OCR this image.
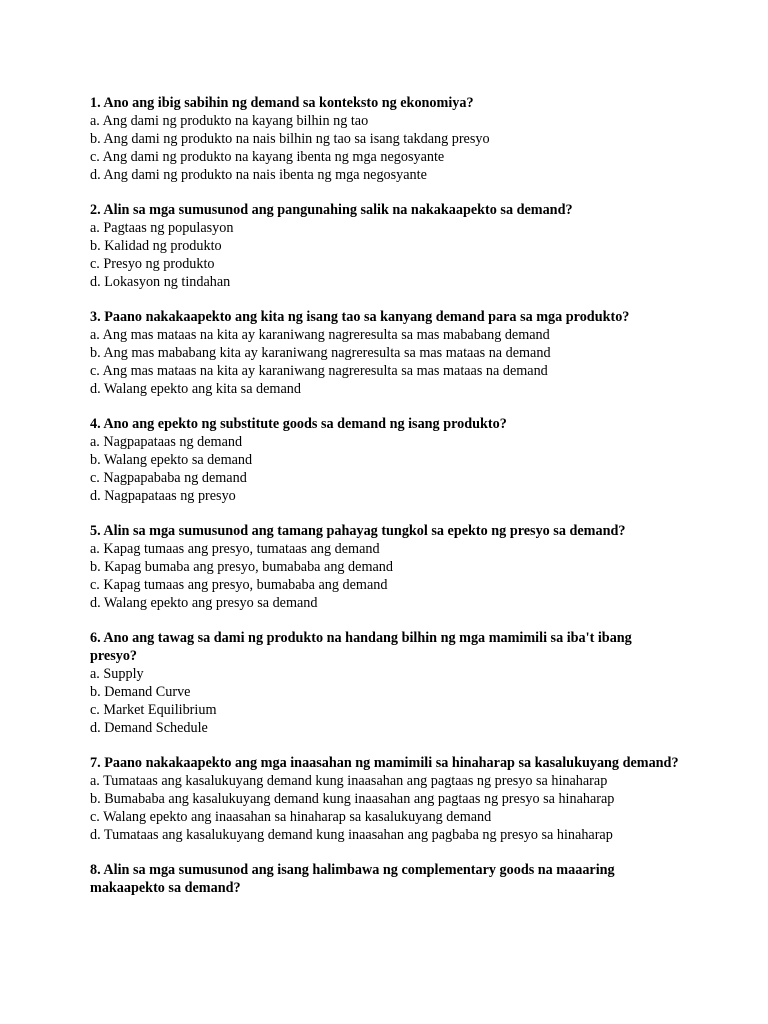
1. Ano ang ibig sabihin ng demand sa konteksto ng ekonomiya?

a. Ang dami ng produkto na kayang bilhin ng tao

b. Ang dami ng produkto na nais bilhin ng tao sa isang takdang presyo

c. Ang dami ng produkto na kayang ibenta ng mga negosyante

d. Ang dami ng produkto na nais ibenta ng mga negosyante

2. Alin sa mga sumusunod ang pangunahing salik na nakakaapekto sa demand?

a. Pagtaas ng populasyon

b. Kalidad ng produkto

c. Presyo ng produkto

d. Lokasyon ng tindahan

3. Paano nakakaapekto ang kita ng isang tao sa kanyang demand para sa mga produkto?

a. Ang mas mataas na kita ay karaniwang nagreresulta sa mas mababang demand

b. Ang mas mababang kita ay karaniwang nagreresulta sa mas mataas na demand

c. Ang mas mataas na kita ay karaniwang nagreresulta sa mas mataas na demand

d. Walang epekto ang kita sa demand

4. Ano ang epekto ng substitute goods sa demand ng isang produkto?

a. Nagpapataas ng demand

b. Walang epekto sa demand

c. Nagpapababa ng demand

d. Nagpapataas ng presyo

5. Alin sa mga sumusunod ang tamang pahayag tungkol sa epekto ng presyo sa demand?

a. Kapag tumaas ang presyo, tumataas ang demand

b. Kapag bumaba ang presyo, bumababa ang demand

c. Kapag tumaas ang presyo, bumababa ang demand

d. Walang epekto ang presyo sa demand

6. Ano ang tawag sa dami ng produkto na handang bilhin ng mga mamimili sa iba't ibang presyo?

a. Supply

b. Demand Curve

c. Market Equilibrium

d. Demand Schedule

7. Paano nakakaapekto ang mga inaasahan ng mamimili sa hinaharap sa kasalukuyang demand?

a. Tumataas ang kasalukuyang demand kung inaasahan ang pagtaas ng presyo sa hinaharap

b. Bumababa ang kasalukuyang demand kung inaasahan ang pagtaas ng presyo sa hinaharap

c. Walang epekto ang inaasahan sa hinaharap sa kasalukuyang demand

d. Tumataas ang kasalukuyang demand kung inaasahan ang pagbaba ng presyo sa hinaharap

8. Alin sa mga sumusunod ang isang halimbawa ng complementary goods na maaaring makaapekto sa demand?
